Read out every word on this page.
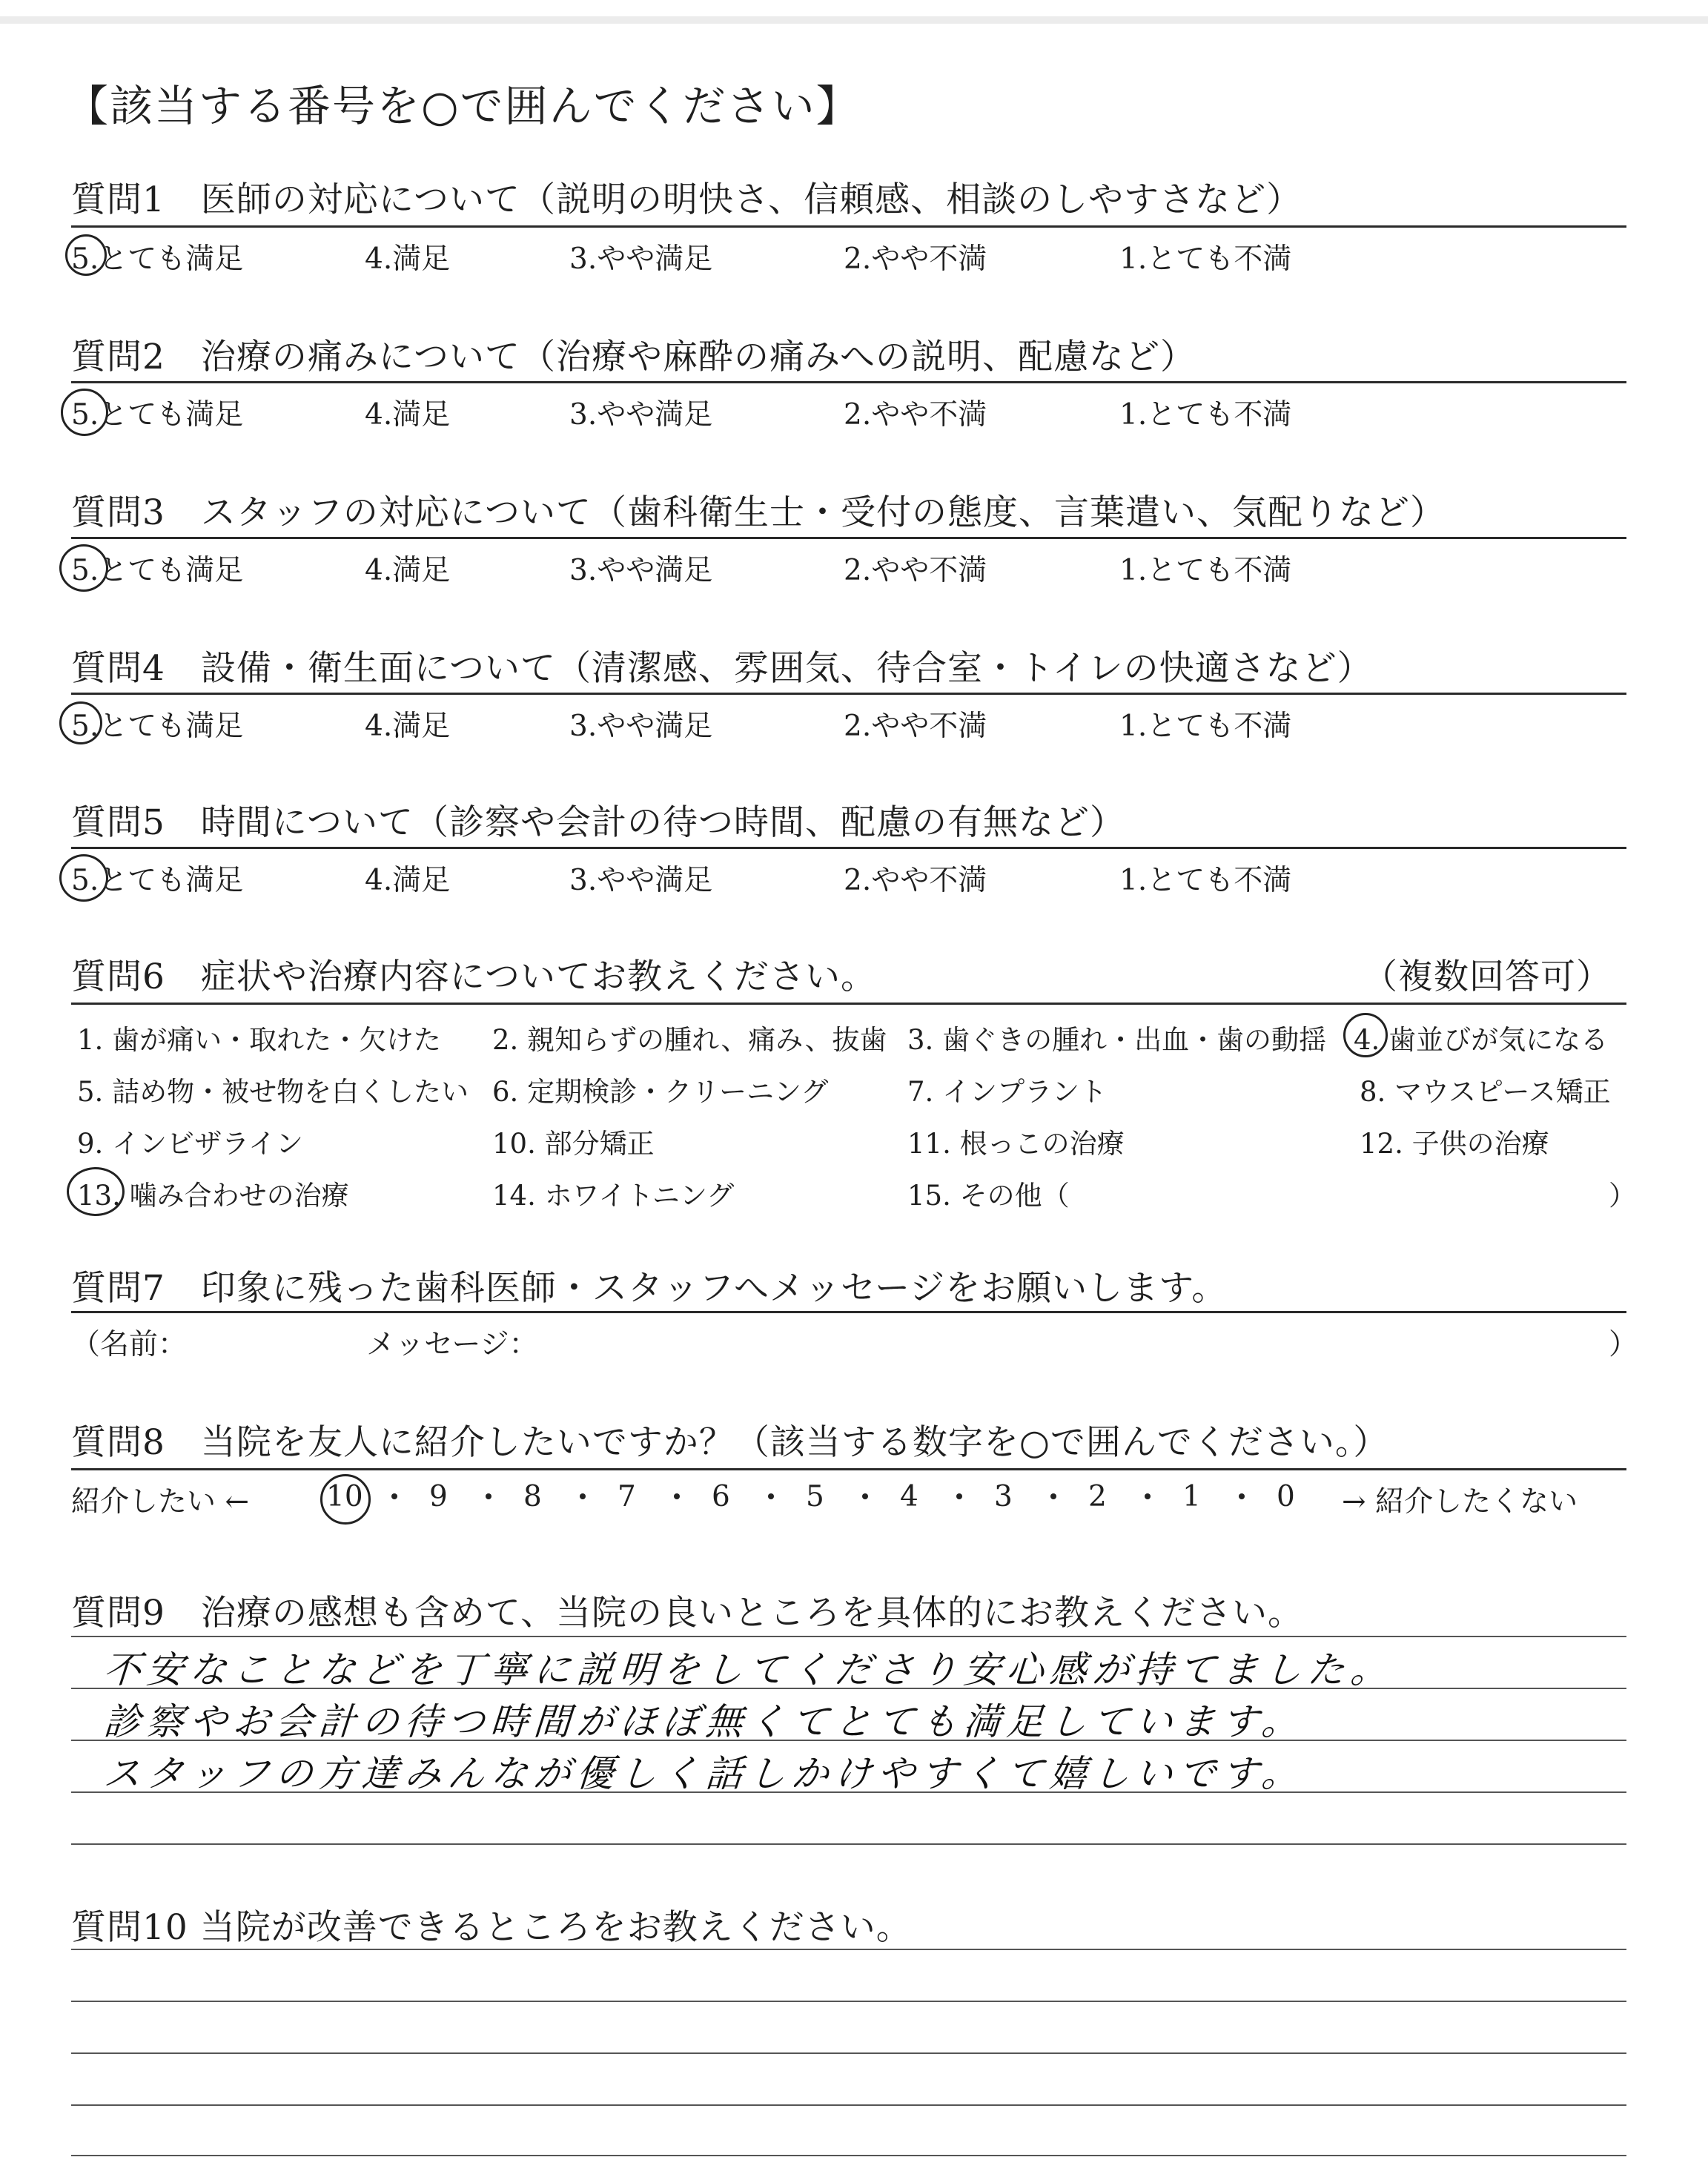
【該当する番号を○で囲んでください】
質問1　医師の対応について（説明の明快さ、信頼感、相談のしやすさなど）
5.とても満足	4.満足	3.やや満足	2.やや不満	1.とても不満
質問2　治療の痛みについて（治療や麻酔の痛みへの説明、配慮など）
5.とても満足	4.満足	3.やや満足	2.やや不満	1.とても不満
質問3　スタッフの対応について（歯科衛生士・受付の態度、言葉遣い、気配りなど）
5.とても満足	4.満足	3.やや満足	2.やや不満	1.とても不満
質問4　設備・衛生面について（清潔感、雰囲気、待合室・トイレの快適さなど）
5.とても満足	4.満足	3.やや満足	2.やや不満	1.とても不満
質問5　時間について（診察や会計の待つ時間、配慮の有無など）
5.とても満足	4.満足	3.やや満足	2.やや不満	1.とても不満
質問6　症状や治療内容についてお教えください。	（複数回答可）
1. 歯が痛い・取れた・欠けた 2. 親知らずの腫れ、痛み、抜歯 3. 歯ぐきの腫れ・出血・歯の動揺 4. 歯並びが気になる
5. 詰め物・被せ物を白くしたい 6. 定期検診・クリーニング	7. インプラント	8. マウスピース矯正
9. インビザライン	10. 部分矯正	11. 根っこの治療	12. 子供の治療
13. 噛み合わせの治療	14. ホワイトニング	15. その他（	）
質問7　印象に残った歯科医師・スタッフへメッセージをお願いします。
（名前：	メッセージ：	）
質問8　当院を友人に紹介したいですか？（該当する数字を○で囲んでください。）
紹介したい ←	→ 紹介したくない
10 9	8	7	6	5	4	3	2	1	0
質問9　治療の感想も含めて、当院の良いところを具体的にお教えください。
不安なことなどを丁寧に説明をしてくださり安心感が持てました。
診察やお会計の待つ時間がほぼ無くてとても満足しています。
スタッフの方達みんなが優しく話しかけやすくて嬉しいです。
質問10 当院が改善できるところをお教えください。
